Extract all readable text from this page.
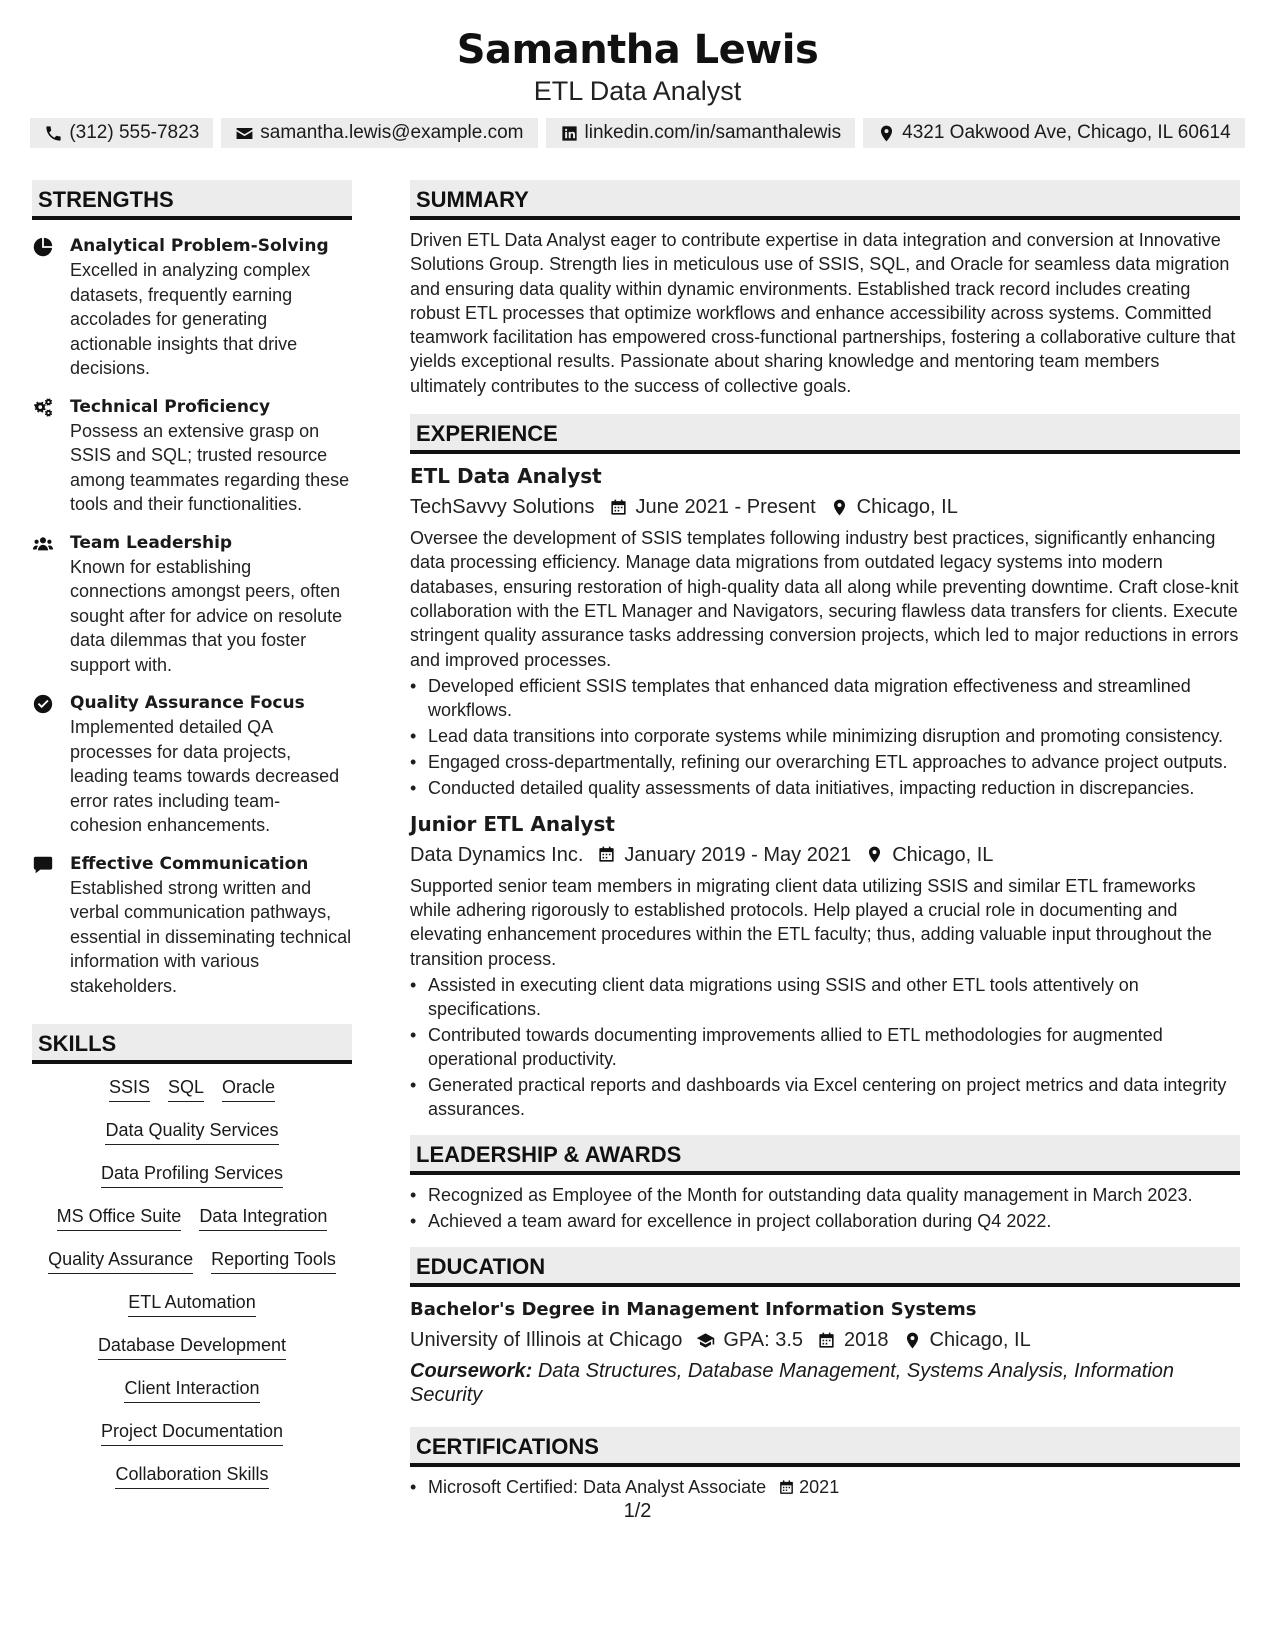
Samantha Lewis
ETL Data Analyst
(312) 555-7823	samantha.lewis@example.com	linkedin.com/in/samanthalewis	4321 Oakwood Ave, Chicago, IL 60614
STRENGTHS
Analytical Problem-Solving
Excelled in analyzing complex datasets, frequently earning accolades for generating actionable insights that drive decisions.
Technical Proficiency
Possess an extensive grasp on SSIS and SQL; trusted resource among teammates regarding these tools and their functionalities.
Team Leadership
Known for establishing connections amongst peers, often sought after for advice on resolute data dilemmas that you foster support with.
Quality Assurance Focus
Implemented detailed QA processes for data projects, leading teams towards decreased error rates including team-cohesion enhancements.
Effective Communication
Established strong written and verbal communication pathways, essential in disseminating technical information with various stakeholders.
SKILLS
SSIS SQL Oracle
Data Quality Services
Data Profiling Services
MS Office Suite Data Integration
Quality Assurance Reporting Tools
ETL Automation
Database Development
Client Interaction
Project Documentation
Collaboration Skills
SUMMARY
Driven ETL Data Analyst eager to contribute expertise in data integration and conversion at Innovative Solutions Group. Strength lies in meticulous use of SSIS, SQL, and Oracle for seamless data migration and ensuring data quality within dynamic environments. Established track record includes creating robust ETL processes that optimize workflows and enhance accessibility across systems. Committed teamwork facilitation has empowered cross-functional partnerships, fostering a collaborative culture that yields exceptional results. Passionate about sharing knowledge and mentoring team members ultimately contributes to the success of collective goals.
EXPERIENCE
ETL Data Analyst
TechSavvy Solutions June 2021 - Present Chicago, IL
Oversee the development of SSIS templates following industry best practices, significantly enhancing data processing efficiency. Manage data migrations from outdated legacy systems into modern databases, ensuring restoration of high-quality data all along while preventing downtime. Craft close-knit collaboration with the ETL Manager and Navigators, securing flawless data transfers for clients. Execute stringent quality assurance tasks addressing conversion projects, which led to major reductions in errors and improved processes.
• Developed efficient SSIS templates that enhanced data migration effectiveness and streamlined workflows.
• Lead data transitions into corporate systems while minimizing disruption and promoting consistency.
• Engaged cross-departmentally, refining our overarching ETL approaches to advance project outputs.
• Conducted detailed quality assessments of data initiatives, impacting reduction in discrepancies.
Junior ETL Analyst
Data Dynamics Inc. January 2019 - May 2021 Chicago, IL
Supported senior team members in migrating client data utilizing SSIS and similar ETL frameworks while adhering rigorously to established protocols. Help played a crucial role in documenting and elevating enhancement procedures within the ETL faculty; thus, adding valuable input throughout the transition process.
• Assisted in executing client data migrations using SSIS and other ETL tools attentively on specifications.
• Contributed towards documenting improvements allied to ETL methodologies for augmented operational productivity.
• Generated practical reports and dashboards via Excel centering on project metrics and data integrity assurances.
LEADERSHIP & AWARDS
• Recognized as Employee of the Month for outstanding data quality management in March 2023.
• Achieved a team award for excellence in project collaboration during Q4 2022.
EDUCATION
Bachelor's Degree in Management Information Systems
University of Illinois at Chicago GPA: 3.5 2018 Chicago, IL
Coursework: Data Structures, Database Management, Systems Analysis, Information Security
CERTIFICATIONS
• Microsoft Certified: Data Analyst Associate 2021
1/2
